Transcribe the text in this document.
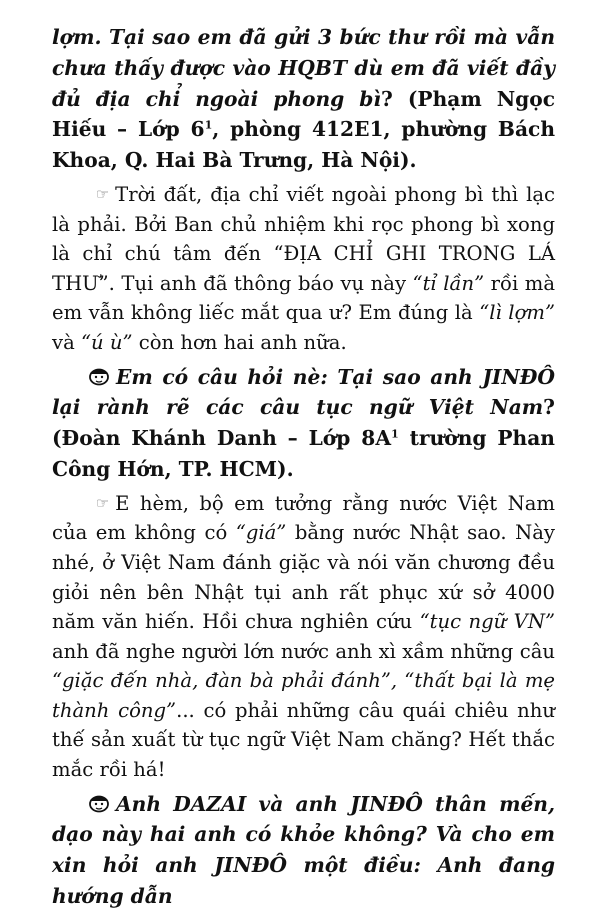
lợm. Tại sao em đã gửi 3 bức thư rồi mà vẫn chưa thấy được vào HQBT dù em đã viết đầy đủ địa chỉ ngoài phong bì? (Phạm Ngọc Hiếu – Lớp $6^1$, phòng 412E1, phường Bách Khoa, Q. Hai Bà Trưng, Hà Nội).

☞ Trời đất, địa chỉ viết ngoài phong bì thì lạc là phải. Bởi Ban chủ nhiệm khi rọc phong bì xong là chỉ chú tâm đến “ĐỊA CHỈ GHI TRONG LÁ THƯ”. Tụi anh đã thông báo vụ này “tỉ lần” rồi mà em vẫn không liếc mắt qua ư? Em đúng là “lì lợm” và “ú ù” còn hơn hai anh nữa.

Em có câu hỏi nè: Tại sao anh JINĐÔ lại rành rẽ các câu tục ngữ Việt Nam? (Đoàn Khánh Danh – Lớp $8A^1$ trường Phan Công Hớn, TP. HCM).

☞ E hèm, bộ em tưởng rằng nước Việt Nam của em không có “giá” bằng nước Nhật sao. Này nhé, ở Việt Nam đánh giặc và nói văn chương đều giỏi nên bên Nhật tụi anh rất phục xứ sở 4000 năm văn hiến. Hồi chưa nghiên cứu “tục ngữ VN” anh đã nghe người lớn nước anh xì xầm những câu “giặc đến nhà, đàn bà phải đánh”, “thất bại là mẹ thành công”... có phải những câu quái chiêu như thế sản xuất từ tục ngữ Việt Nam chăng? Hết thắc mắc rồi há!

Anh DAZAI và anh JINĐÔ thân mến, dạo này hai anh có khỏe không? Và cho em xin hỏi anh JINĐÔ một điều: Anh đang hướng dẫn
